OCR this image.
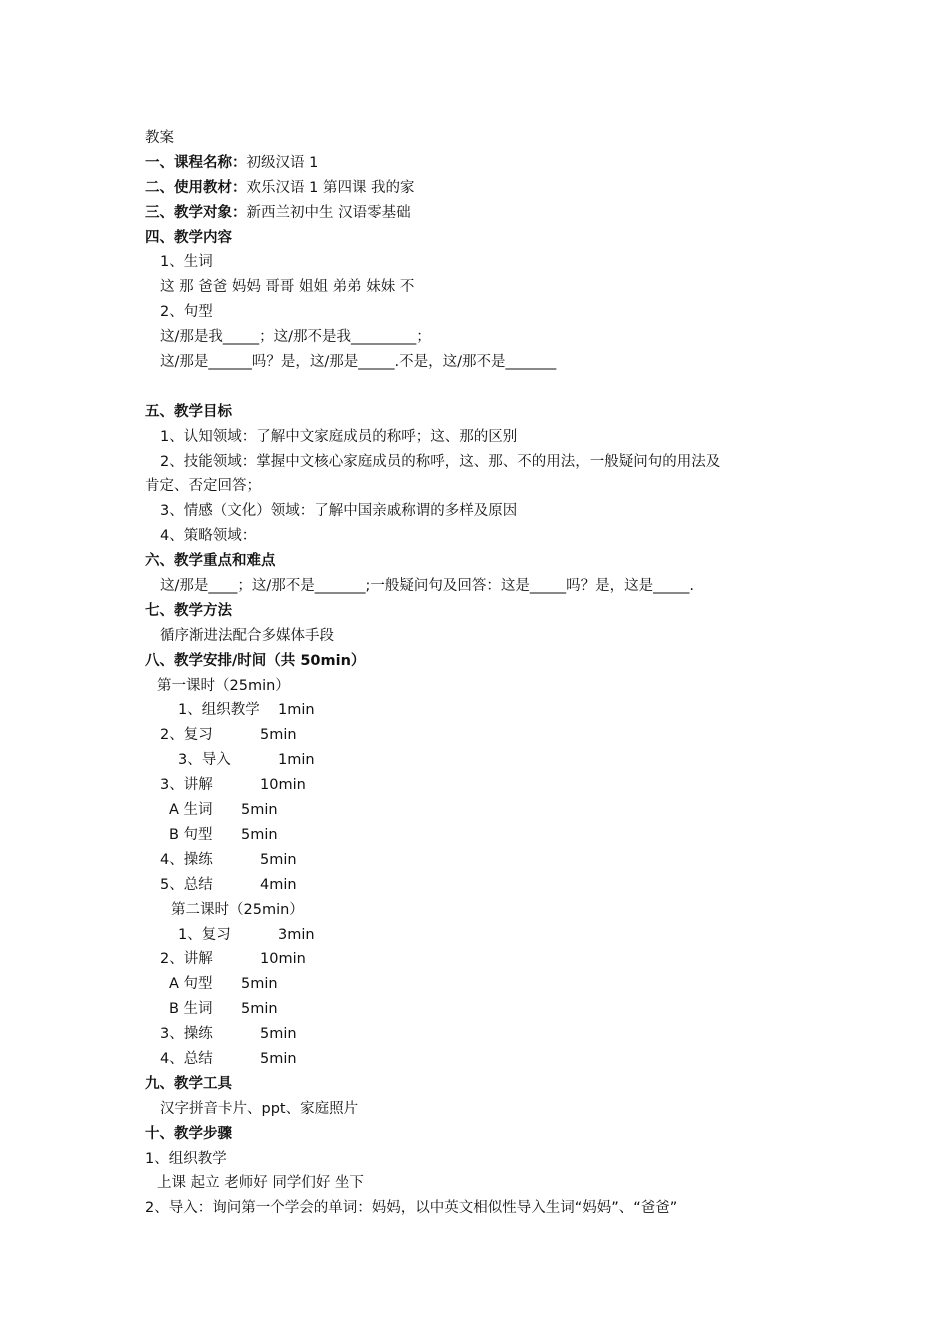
教案
一、课程名称：初级汉语 1
二、使用教材：欢乐汉语 1 第四课 我的家
三、教学对象：新西兰初中生 汉语零基础
四、教学内容
1、生词
这 那 爸爸 妈妈 哥哥 姐姐 弟弟 妹妹 不
2、句型
这/那是我_____；这/那不是我_________；
这/那是______吗？是，这/那是_____.不是，这/那不是_______
五、教学目标
1、认知领域：了解中文家庭成员的称呼；这、那的区别
2、技能领域：掌握中文核心家庭成员的称呼，这、那、不的用法，一般疑问句的用法及
肯定、否定回答；
3、情感（文化）领域：了解中国亲戚称谓的多样及原因
4、策略领域：
六、教学重点和难点
这/那是____；这/那不是_______;一般疑问句及回答：这是_____吗？是，这是_____.
七、教学方法
循序渐进法配合多媒体手段
八、教学安排/时间（共 50min）
第一课时（25min）
1、组织教学 1min
2、复习	5min
3、导入	1min
3、讲解	10min
A 生词 5min
B 句型 5min
4、操练	5min
5、总结	4min
第二课时（25min）
1、复习	3min
2、讲解	10min
A 句型 5min
B 生词 5min
3、操练	5min
4、总结	5min
九、教学工具
汉字拼音卡片、ppt、家庭照片
十、教学步骤
1、组织教学
上课 起立 老师好 同学们好 坐下
2、导入：询问第一个学会的单词：妈妈，以中英文相似性导入生词“妈妈”、“爸爸”
